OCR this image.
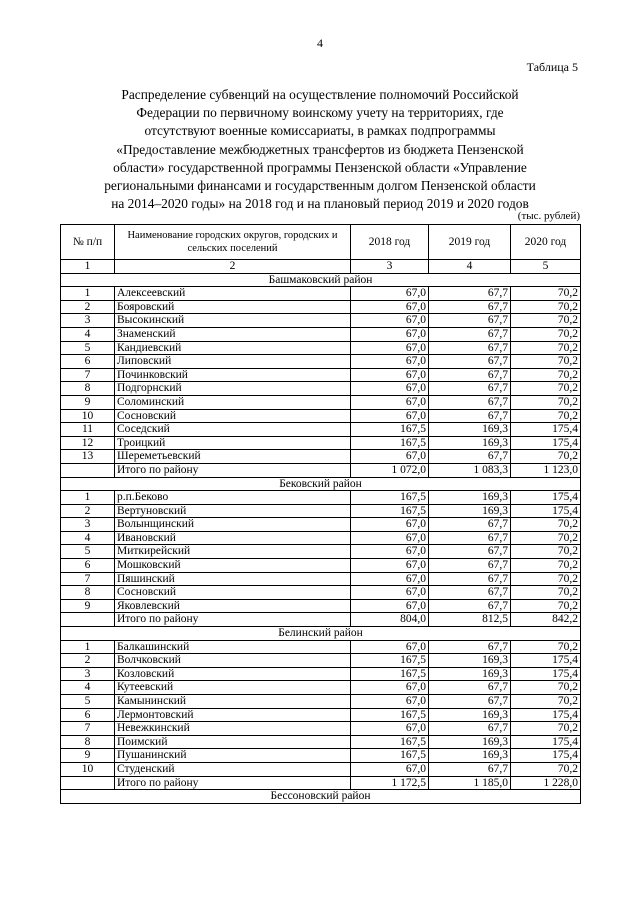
4
Таблица 5
Распределение субвенций на осуществление полномочий Российской
Федерации по первичному воинскому учету на территориях, где
отсутствуют военные комиссариаты, в рамках подпрограммы
«Предоставление межбюджетных трансфертов из бюджета Пензенской
области» государственной программы Пензенской области «Управление
региональными финансами и государственным долгом Пензенской области
на 2014–2020 годы» на 2018 год и на плановый период 2019 и 2020 годов
(тыс. рублей)
№ п/п	Наименование городских округов, городских и сельских поселений	2018 год	2019 год	2020 год
1	2	3	4	5
Башмаковский район				
1	Алексеевский	67,0	67,7	70,2
2	Бояровский	67,0	67,7	70,2
3	Высокинский	67,0	67,7	70,2
4	Знаменский	67,0	67,7	70,2
5	Кандиевский	67,0	67,7	70,2
6	Липовский	67,0	67,7	70,2
7	Починковский	67,0	67,7	70,2
8	Подгорнский	67,0	67,7	70,2
9	Соломинский	67,0	67,7	70,2
10	Сосновский	67,0	67,7	70,2
11	Соседский	167,5	169,3	175,4
12	Троицкий	167,5	169,3	175,4
13	Шереметьевский	67,0	67,7	70,2
	Итого по району	1 072,0	1 083,3	1 123,0
Бековский район				
1	р.п.Беково	167,5	169,3	175,4
2	Вертуновский	167,5	169,3	175,4
3	Волынщинский	67,0	67,7	70,2
4	Ивановский	67,0	67,7	70,2
5	Миткирейский	67,0	67,7	70,2
6	Мошковский	67,0	67,7	70,2
7	Пяшинский	67,0	67,7	70,2
8	Сосновский	67,0	67,7	70,2
9	Яковлевский	67,0	67,7	70,2
	Итого по району	804,0	812,5	842,2
Белинский район				
1	Балкашинский	67,0	67,7	70,2
2	Волчковский	167,5	169,3	175,4
3	Козловский	167,5	169,3	175,4
4	Кутеевский	67,0	67,7	70,2
5	Камынинский	67,0	67,7	70,2
6	Лермонтовский	167,5	169,3	175,4
7	Невежкинский	67,0	67,7	70,2
8	Поимский	167,5	169,3	175,4
9	Пушанинский	167,5	169,3	175,4
10	Студенский	67,0	67,7	70,2
	Итого по району	1 172,5	1 185,0	1 228,0
Бессоновский район				
